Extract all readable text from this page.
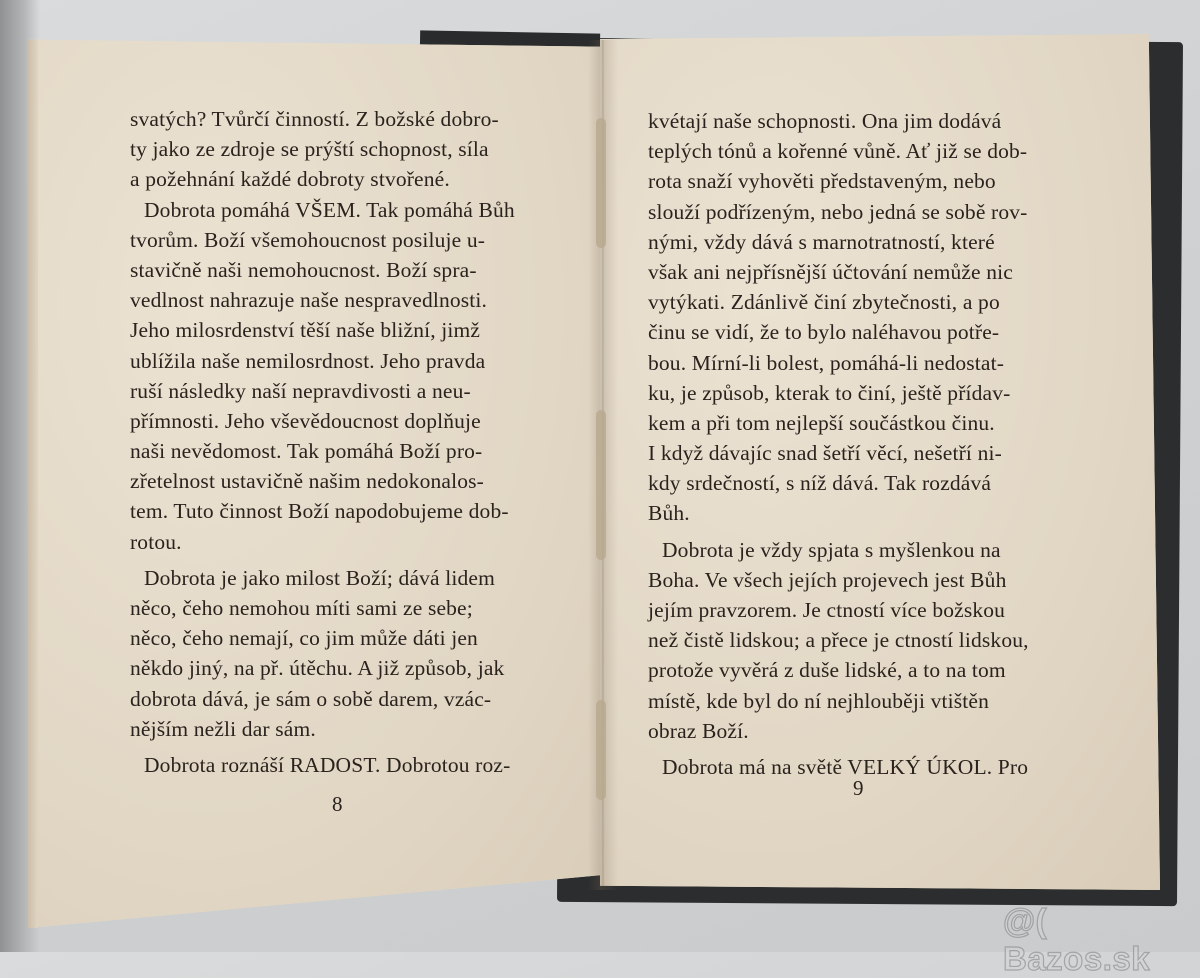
svatých? Tvůrčí činností. Z božské dobro-
ty jako ze zdroje se prýští schopnost, síla
a požehnání každé dobroty stvořené.
Dobrota pomáhá VŠEM. Tak pomáhá Bůh
tvorům. Boží všemohoucnost posiluje u-
stavičně naši nemohoucnost. Boží spra-
vedlnost nahrazuje naše nespravedlnosti.
Jeho milosrdenství těší naše bližní, jimž
ublížila naše nemilosrdnost. Jeho pravda
ruší následky naší nepravdivosti a neu-
přímnosti. Jeho vševědoucnost doplňuje
naši nevědomost. Tak pomáhá Boží pro-
zřetelnost ustavičně našim nedokonalos-
tem. Tuto činnost Boží napodobujeme dob-
rotou.
Dobrota je jako milost Boží; dává lidem
něco, čeho nemohou míti sami ze sebe;
něco, čeho nemají, co jim může dáti jen
někdo jiný, na př. útěchu. A již způsob, jak
dobrota dává, je sám o sobě darem, vzác-
nějším nežli dar sám.
Dobrota roznáší RADOST. Dobrotou roz-
8
kvétají naše schopnosti. Ona jim dodává
teplých tónů a kořenné vůně. Ať již se dob-
rota snaží vyhověti představeným, nebo
slouží podřízeným, nebo jedná se sobě rov-
nými, vždy dává s marnotratností, které
však ani nejpřísnější účtování nemůže nic
vytýkati. Zdánlivě činí zbytečnosti, a po
činu se vidí, že to bylo naléhavou potře-
bou. Mírní-li bolest, pomáhá-li nedostat-
ku, je způsob, kterak to činí, ještě přídav-
kem a při tom nejlepší součástkou činu.
I když dávajíc snad šetří věcí, nešetří ni-
kdy srdečností, s níž dává. Tak rozdává
Bůh.
Dobrota je vždy spjata s myšlenkou na
Boha. Ve všech jejích projevech jest Bůh
jejím pravzorem. Je ctností více božskou
než čistě lidskou; a přece je ctností lidskou,
protože vyvěrá z duše lidské, a to na tom
místě, kde byl do ní nejhlouběji vtištěn
obraz Boží.
Dobrota má na světě VELKÝ ÚKOL. Pro
9
@( Bazos.sk
